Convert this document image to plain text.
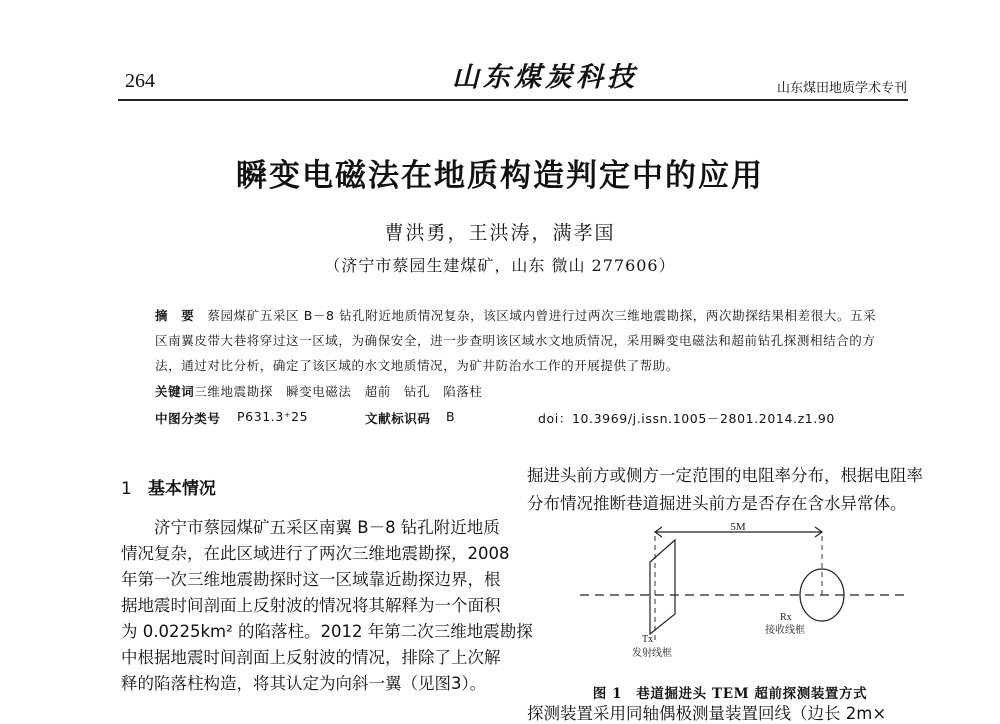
264	山东煤炭科技	山东煤田地质学术专刊
瞬变电磁法在地质构造判定中的应用
曹洪勇，王洪涛，满孝国
（济宁市蔡园生建煤矿，山东 微山 277606）
摘　要　 蔡园煤矿五采区 B－8 钻孔附近地质情况复杂，该区域内曾进行过两次三维地震勘探，两次勘探结果相差很大。五采
区南翼皮带大巷将穿过这一区域，为确保安全，进一步查明该区域水文地质情况，采用瞬变电磁法和超前钻孔探测相结合的方
法，通过对比分析，确定了该区域的水文地质情况，为矿井防治水工作的开展提供了帮助。
关键词三维地震勘探　瞬变电磁法　超前　钻孔　陷落柱
中图分类号 P631.3⁺25	文献标识码 B	doi：10.3969/j.issn.1005－2801.2014.z1.90
1 基本情况
济宁市蔡园煤矿五采区南翼 B－8 钻孔附近地质
情况复杂，在此区域进行了两次三维地震勘探，2008
年第一次三维地震勘探时这一区域靠近勘探边界，根
据地震时间剖面上反射波的情况将其解释为一个面积
为 0.0225km² 的陷落柱。2012 年第二次三维地震勘探
中根据地震时间剖面上反射波的情况，排除了上次解
释的陷落柱构造，将其认定为向斜一翼（见图3）。
掘进头前方或侧方一定范围的电阻率分布，根据电阻率
分布情况推断巷道掘进头前方是否存在含水异常体。
5M
Tx
发射线框
Rx
接收线框
图 1　巷道掘进头 TEM 超前探测装置方式
探测装置采用同轴偶极测量装置回线（边长 2m×
